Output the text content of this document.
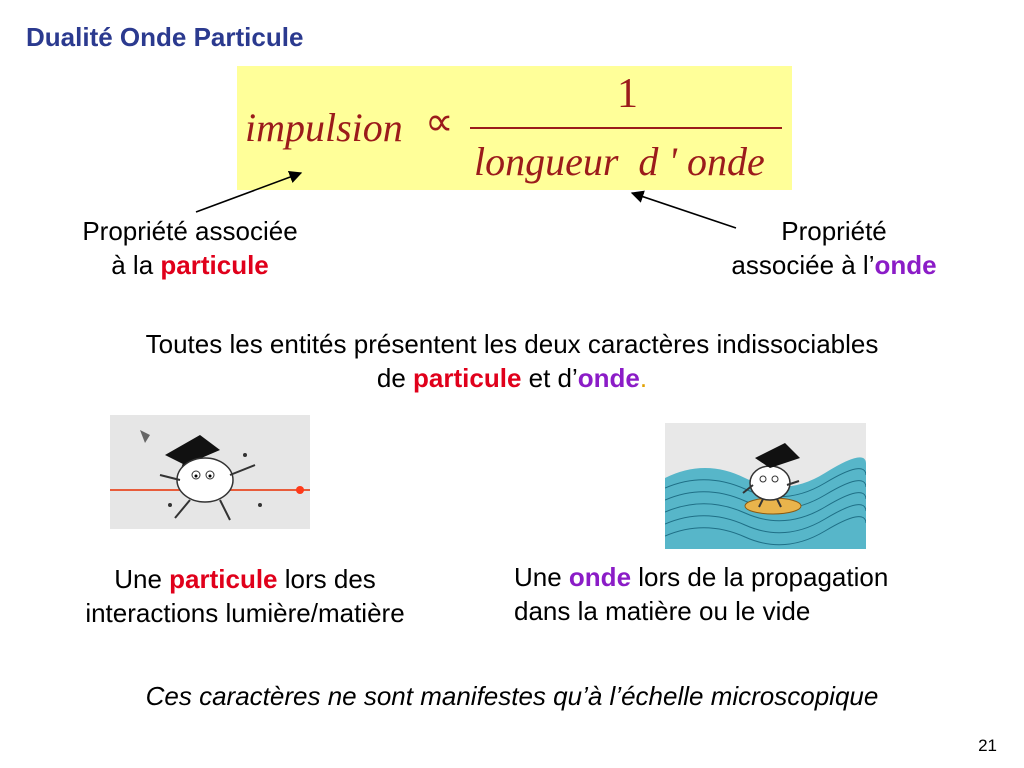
Dualité Onde Particule
impulsion ∝
1
longueur  d ' onde
Propriété associée
à la particule
Propriété
associée à l’onde
Toutes les entités présentent les deux caractères indissociables
de particule et d’onde.
Une particule lors des
interactions lumière/matière
Une onde lors de la propagation
dans la matière ou le vide
Ces caractères ne sont manifestes qu’à l’échelle microscopique
21
